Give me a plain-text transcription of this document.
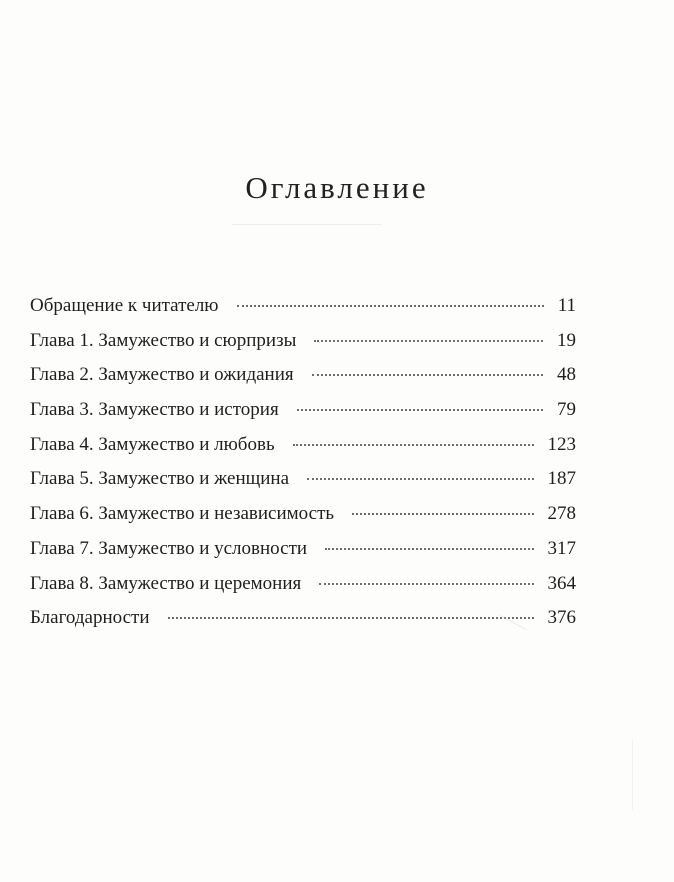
Оглавление
Обращение к читателю	11
Глава 1. Замужество и сюрпризы	19
Глава 2. Замужество и ожидания	48
Глава 3. Замужество и история	79
Глава 4. Замужество и любовь	123
Глава 5. Замужество и женщина	187
Глава 6. Замужество и независимость	278
Глава 7. Замужество и условности	317
Глава 8. Замужество и церемония	364
Благодарности	376
